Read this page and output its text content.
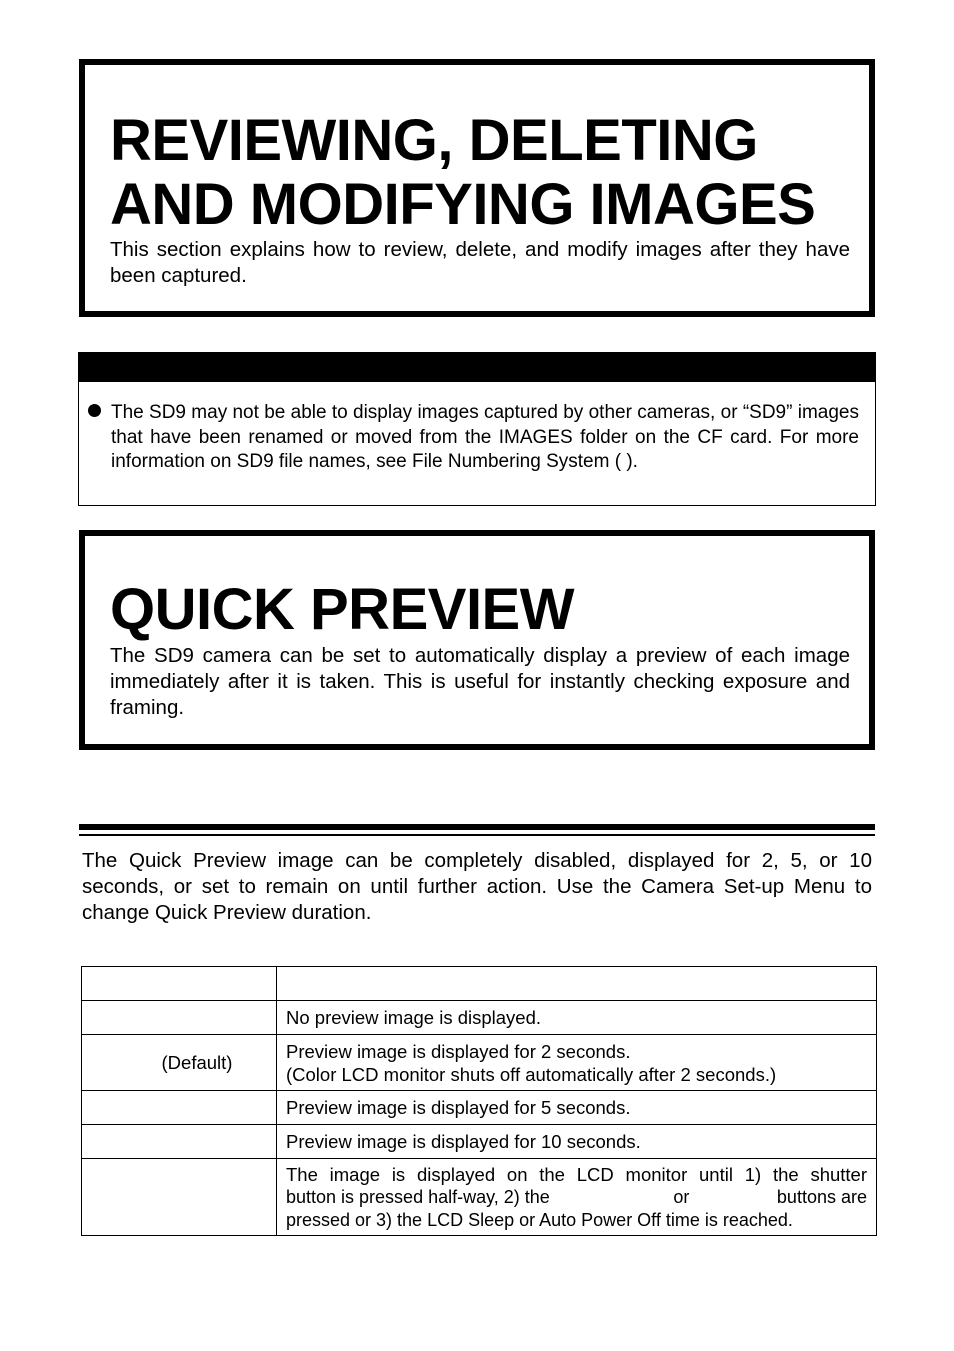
REVIEWING, DELETING
AND MODIFYING IMAGES

This section explains how to review, delete, and modify images after they have been captured.

The SD9 may not be able to display images captured by other cameras, or “SD9” images that have been renamed or moved from the IMAGES folder on the CF card. For more information on SD9 file names, see File Numbering System ( ).

QUICK PREVIEW

The SD9 camera can be set to automatically display a preview of each image immediately after it is taken. This is useful for instantly checking exposure and framing.

The Quick Preview image can be completely disabled, displayed for 2, 5, or 10 seconds, or set to remain on until further action. Use the Camera Set-up Menu to change Quick Preview duration.

	No preview image is displayed.
(Default)	Preview image is displayed for 2 seconds.
(Color LCD monitor shuts off automatically after 2 seconds.)

	Preview image is displayed for 5 seconds.
	Preview image is displayed for 10 seconds.

	The image is displayed on the LCD monitor until 1) the shutter
button is pressed half-way, 2) the or buttons are
pressed or 3) the LCD Sleep or Auto Power Off time is reached.
